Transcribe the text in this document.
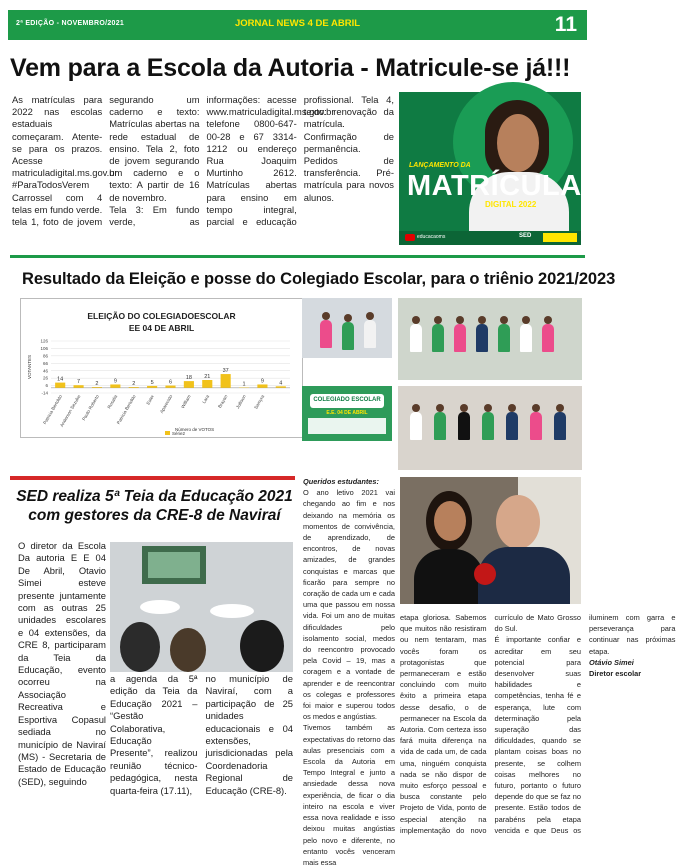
2ª EDIÇÃO - NOVEMBRO/2021	JORNAL NEWS 4 DE ABRIL	11
Vem para a Escola da Autoria - Matricule-se já!!!
As matrículas para 2022 nas escolas estaduais começaram. Atente-se para os prazos. Acesse matriculadigital.ms.gov.br #ParaTodosVerem
Carrossel com 4 telas em fundo verde. tela 1, foto de jovem segurando um caderno e texto: Matrículas abertas na rede estadual de ensino. Tela 2, foto de jovem segurando um caderno e o texto: A partir de 16 de novembro.
Tela 3: Em fundo verde, as informações: acesse www.matriculadigital.ms.gov.br telefone 0800-647-00-28 e 67 3314-1212 ou endereço Rua Joaquim Murtinho 2612. Matrículas abertas para ensino em tempo integral, parcial e educação profissional. Tela 4, texto: renovação da matrícula. Confirmação de permanência. Pedidos de transferência. Pré-matrícula para novos alunos.
LANÇAMENTO DA
MATRÍCULA
DIGITAL 2022
educacaoms	SED
Resultado da Eleição e posse do Colegiado Escolar, para o triênio 2021/2023
ELEIÇÃO DO COLEGIADOESCOLAR
EE 04 DE ABRIL
VOTANTES
126
106
86
66
46
26
6
-14
14	7	2	9	2	5	6
18 21
37
1	9	4
Patricia Bertoldo
Anderson Sezufre Paulo Roberto Rosalia
Patricia Bertoldo Ester Aparecido William Lara Brayan Jullison Samyra
Número de VOTOS
Série2
COLEGIADO ESCOLAR
E.E. 04 DE ABRIL
SED realiza 5ª Teia da Educação 2021 com gestores da CRE-8 de Naviraí
O diretor da Escola Da autoria E E 04 De Abril, Otavio Simei esteve presente juntamente com as outras 25 unidades escolares e 04 extensões, da CRE 8, participaram da Teia da Educação, evento ocorreu na Associação Recreativa e Esportiva Copasul sediada no município de Naviraí (MS) - Secretaria de Estado de Educação (SED), seguindo
a agenda da 5ª edição da Teia da Educação 2021 – “Gestão Colaborativa, Educação Presente”, realizou reunião técnico-pedagógica, nesta quarta-feira (17.11),
no município de Naviraí, com a participação de 25 unidades educacionais e 04 extensões, jurisdicionadas pela Coordenadoria Regional de Educação (CRE-8).
Queridos estudantes:
O ano letivo 2021 vai chegando ao fim e nos deixando na memória os momentos de convivência, de aprendizado, de encontros, de novas amizades, de grandes conquistas e marcas que ficarão para sempre no coração de cada um e cada uma que passou em nossa vida. Foi um ano de muitas dificuldades pelo isolamento social, medos do reencontro provocado pela Covid – 19, mas a coragem e a vontade de aprender e de reencontrar os colegas e professores foi maior e superou todos os medos e angústias.
Tivemos também as expectativas do retorno das aulas presenciais com a Escola da Autoria em Tempo Integral e junto a ansiedade dessa nova experiência, de ficar o dia inteiro na escola e viver essa nova realidade e isso deixou muitas angústias pelo novo e diferente, no entanto vocês venceram mais essa
etapa gloriosa. Sabemos que muitos não resistiram ou nem tentaram, mas vocês foram os protagonistas que permaneceram e estão concluindo com muito êxito a primeira etapa desse desafio, o de permanecer na Escola da Autoria. Com certeza isso fará muita diferença na vida de cada um, de cada uma, ninguém conquista nada se não dispor de muito esforço pessoal e busca constante pelo Projeto de Vida, ponto de especial atenção na implementação do novo currículo de Mato Grosso do Sul.
É importante confiar e acreditar em seu potencial para desenvolver suas habilidades e competências, tenha fé e esperança, lute com determinação pela superação das dificuldades, quando se plantam coisas boas no presente, se colhem coisas melhores no futuro, portanto o futuro depende do que se faz no presente. Estão todos de parabéns pela etapa vencida e que Deus os iluminem com garra e perseverança para continuar nas próximas etapa.
Otávio Simei
Diretor escolar
